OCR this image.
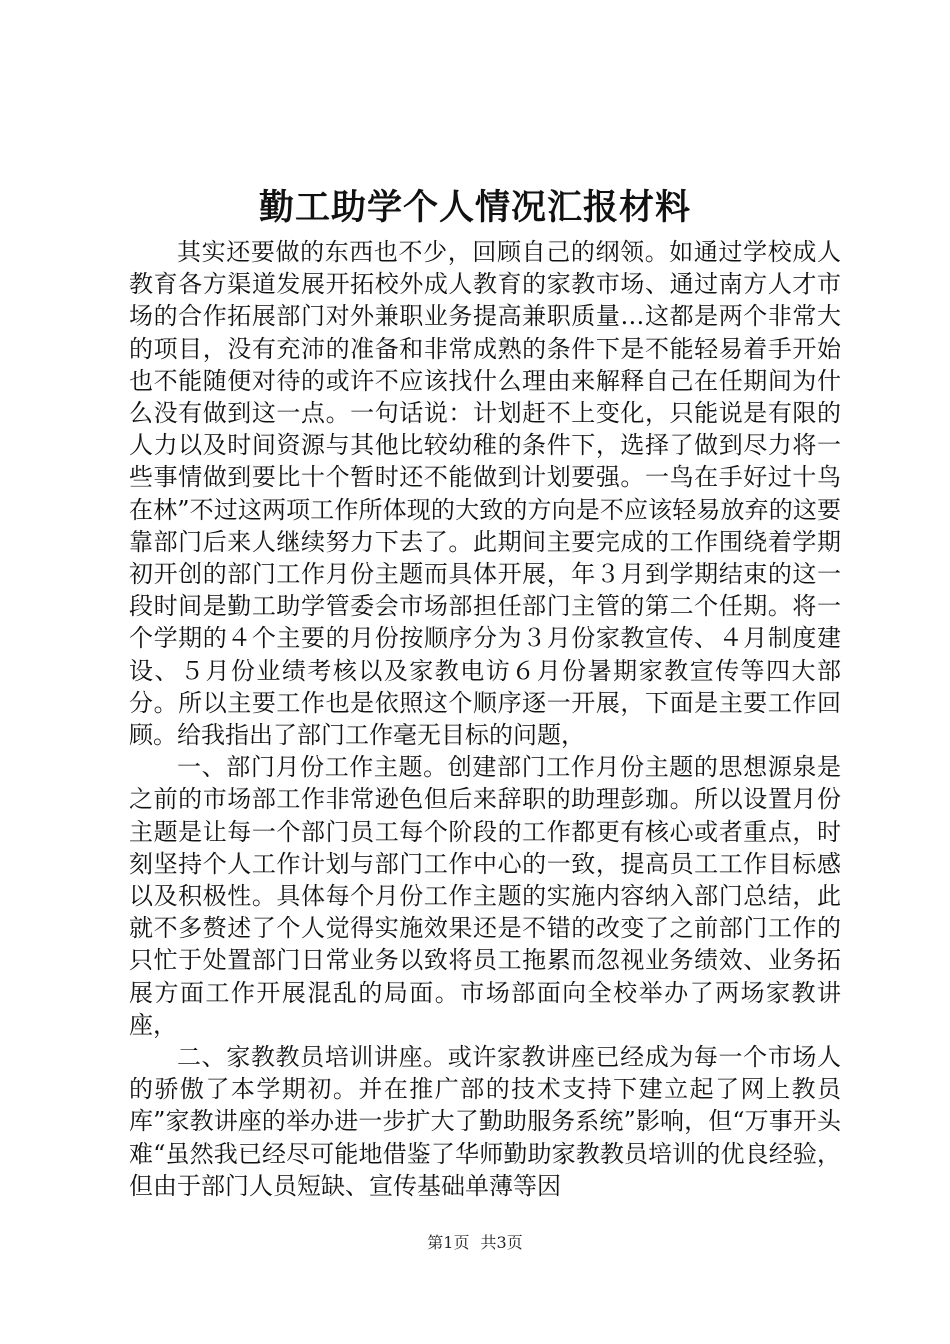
勤工助学个人情况汇报材料

其实还要做的东西也不少，回顾自己的纲领。如通过学校成人教育各方渠道发展开拓校外成人教育的家教市场、通过南方人才市场的合作拓展部门对外兼职业务提高兼职质量…这都是两个非常大的项目，没有充沛的准备和非常成熟的条件下是不能轻易着手开始也不能随便对待的或许不应该找什么理由来解释自己在任期间为什么没有做到这一点。一句话说：计划赶不上变化，只能说是有限的人力以及时间资源与其他比较幼稚的条件下，选择了做到尽力将一些事情做到要比十个暂时还不能做到计划要强。一鸟在手好过十鸟在林”不过这两项工作所体现的大致的方向是不应该轻易放弃的这要靠部门后来人继续努力下去了。此期间主要完成的工作围绕着学期初开创的部门工作月份主题而具体开展，年３月到学期结束的这一段时间是勤工助学管委会市场部担任部门主管的第二个任期。将一个学期的４个主要的月份按顺序分为３月份家教宣传、４月制度建设、５月份业绩考核以及家教电访６月份暑期家教宣传等四大部分。所以主要工作也是依照这个顺序逐一开展，下面是主要工作回顾。给我指出了部门工作毫无目标的问题，

一、部门月份工作主题。创建部门工作月份主题的思想源泉是之前的市场部工作非常逊色但后来辞职的助理彭珈。所以设置月份主题是让每一个部门员工每个阶段的工作都更有核心或者重点，时刻坚持个人工作计划与部门工作中心的一致，提高员工工作目标感以及积极性。具体每个月份工作主题的实施内容纳入部门总结，此就不多赘述了个人觉得实施效果还是不错的改变了之前部门工作的只忙于处置部门日常业务以致将员工拖累而忽视业务绩效、业务拓展方面工作开展混乱的局面。市场部面向全校举办了两场家教讲座，

二、家教教员培训讲座。或许家教讲座已经成为每一个市场人的骄傲了本学期初。并在推广部的技术支持下建立起了网上教员库”家教讲座的举办进一步扩大了勤助服务系统”影响，但“万事开头难“虽然我已经尽可能地借鉴了华师勤助家教教员培训的优良经验，但由于部门人员短缺、宣传基础单薄等因

第1页 共3页
